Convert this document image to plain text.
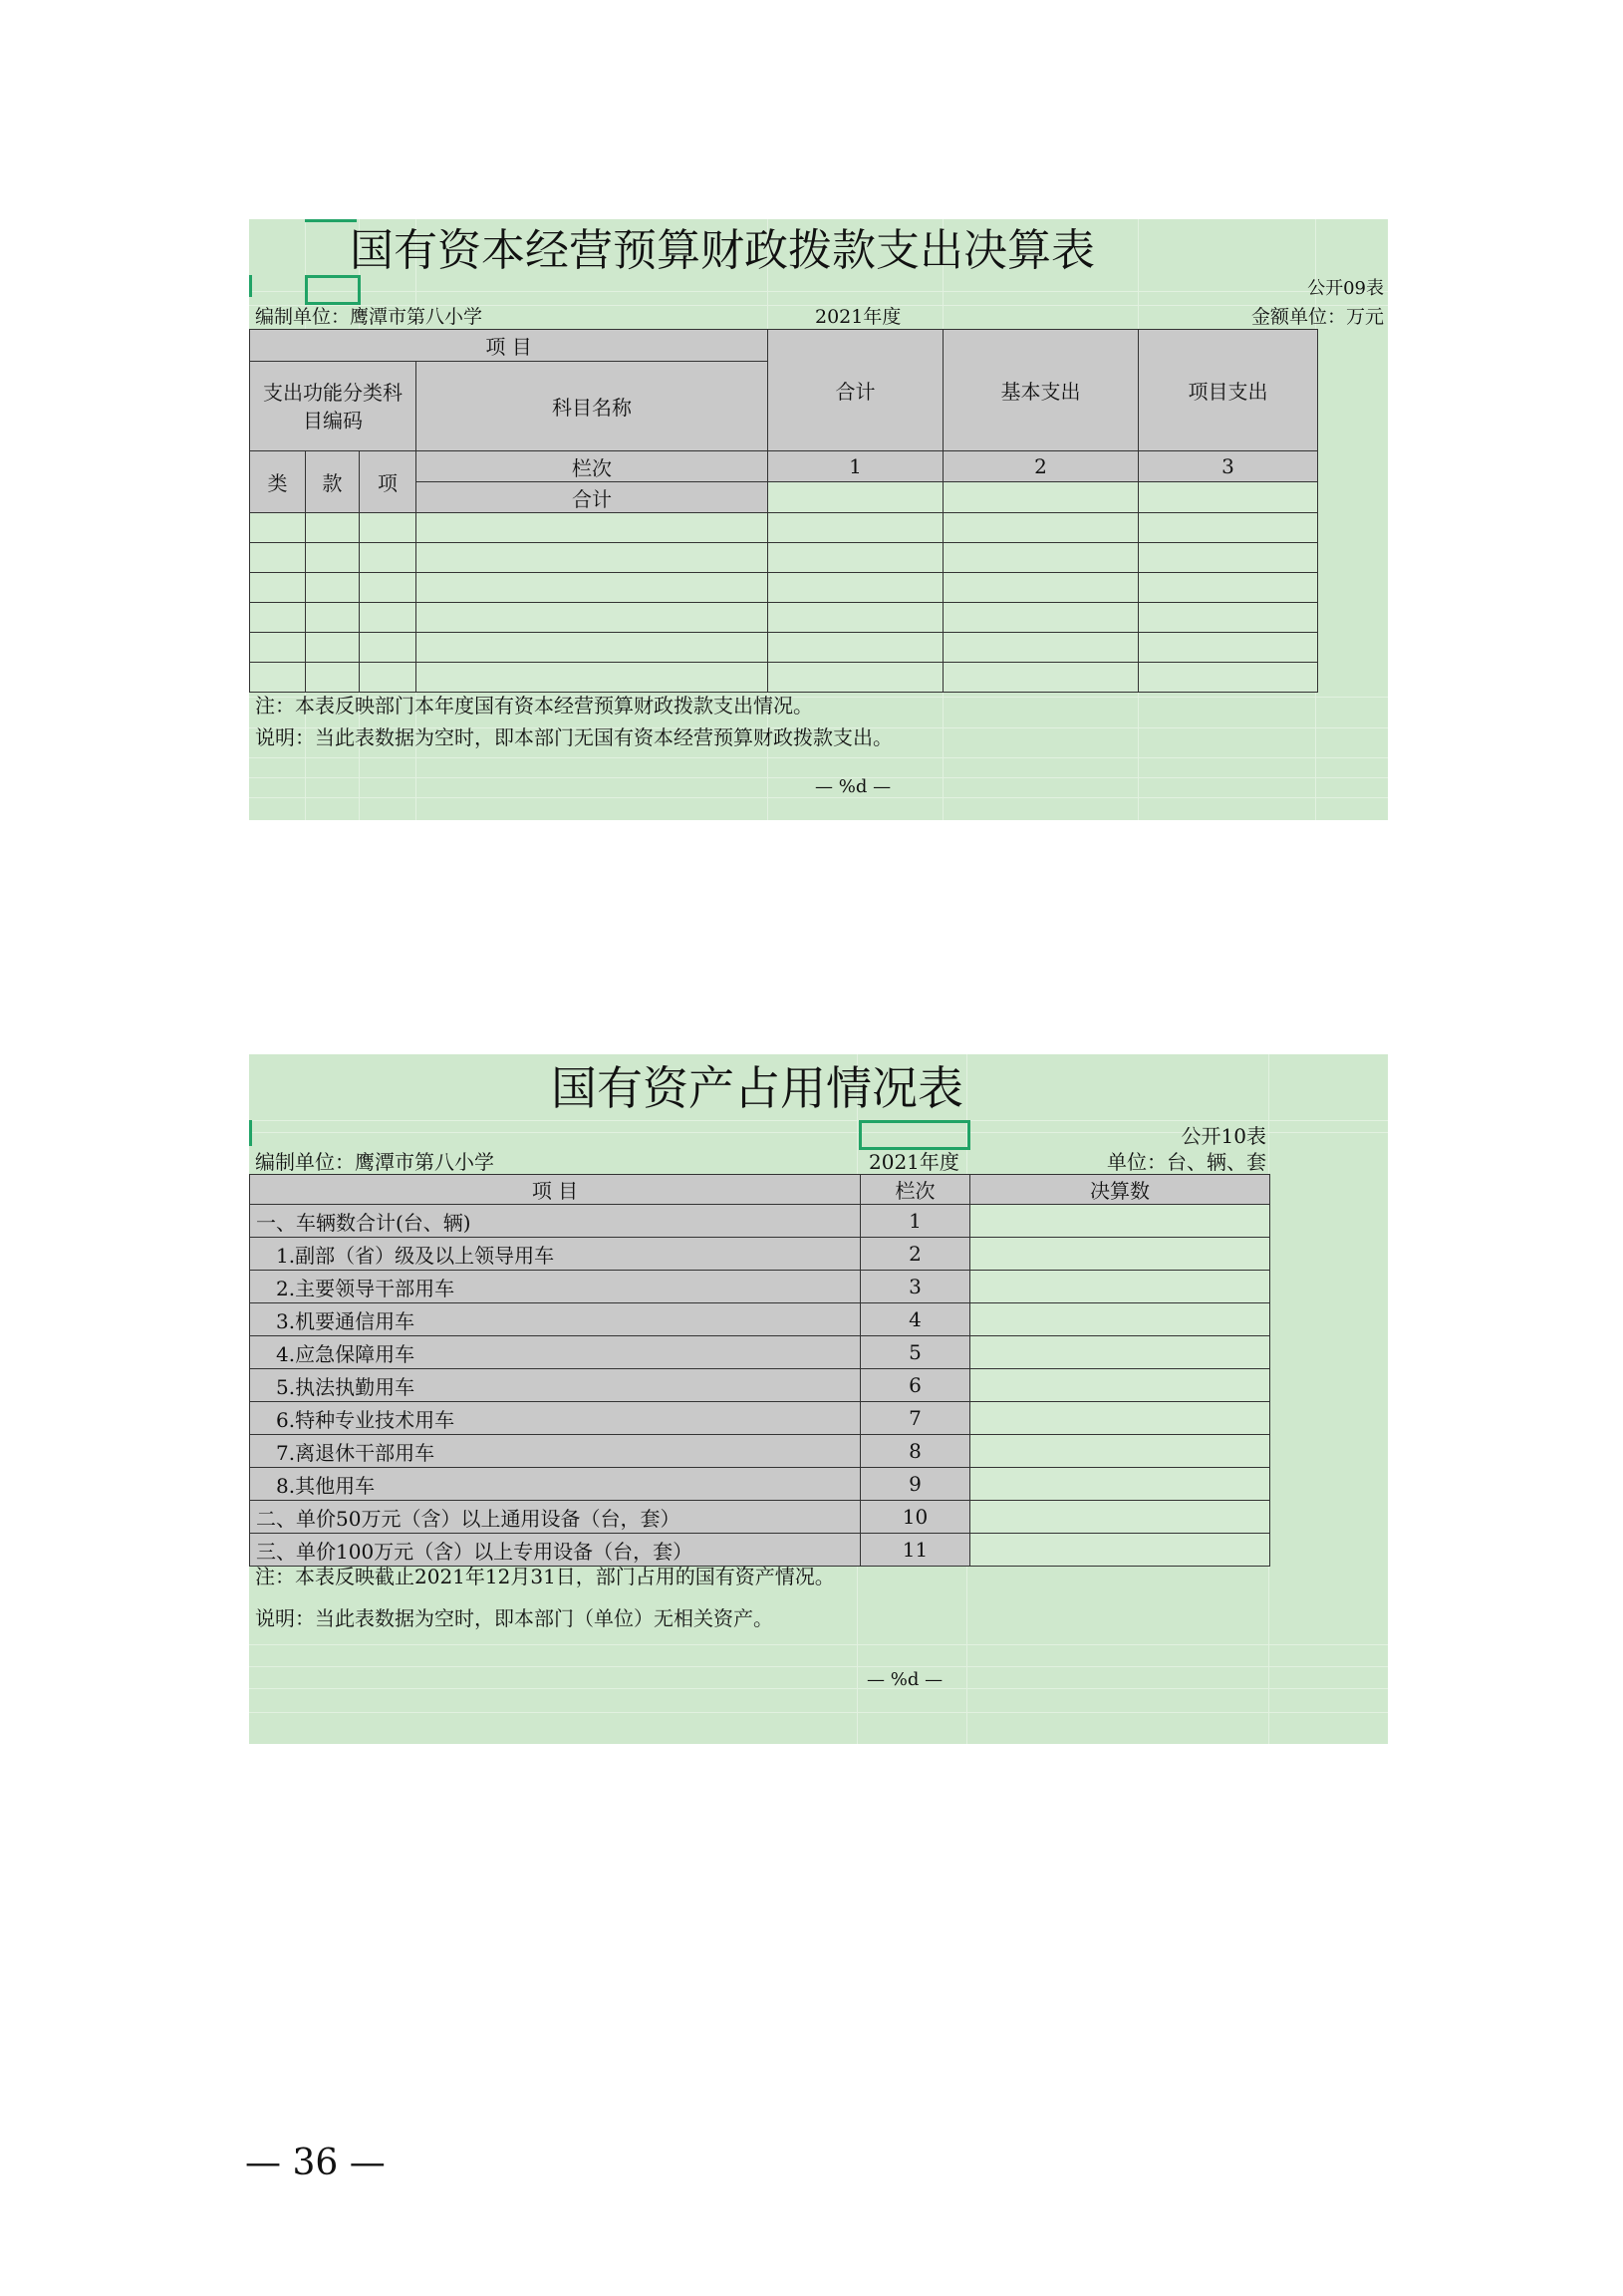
国有资本经营预算财政拨款支出决算表
公开09表
编制单位：鹰潭市第八小学	2021年度	金额单位：万元
项 目				合计	基本支出	项目支出
支出功能分类科目编码			科目名称			
类	款	项	栏次	1	2	3
			合计			

注：本表反映部门本年度国有资本经营预算财政拨款支出情况。
说明：当此表数据为空时，即本部门无国有资本经营预算财政拨款支出。
— %d —
国有资产占用情况表
公开10表
编制单位：鹰潭市第八小学	2021年度	单位：台、辆、套
项 目	栏次	决算数
一、车辆数合计(台、辆)	1	
1.副部（省）级及以上领导用车	2	
2.主要领导干部用车	3	
3.机要通信用车	4	
4.应急保障用车	5	
5.执法执勤用车	6	
6.特种专业技术用车	7	
7.离退休干部用车	8	
8.其他用车	9	
二、单价50万元（含）以上通用设备（台，套）	10	
三、单价100万元（含）以上专用设备（台，套）	11	
注：本表反映截止2021年12月31日，部门占用的国有资产情况。
说明：当此表数据为空时，即本部门（单位）无相关资产。
— %d —
— 36 —
